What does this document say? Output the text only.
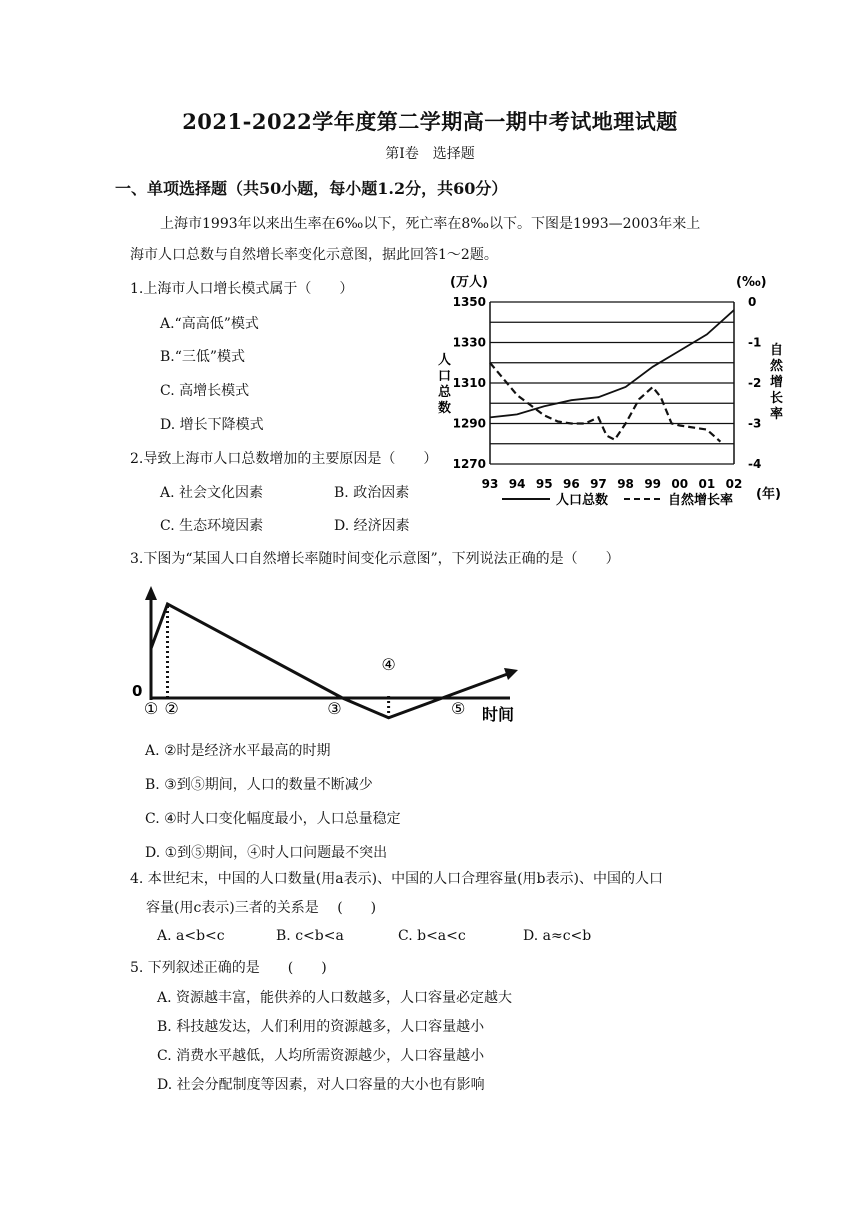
2021-2022学年度第二学期高一期中考试地理试题
第Ⅰ卷　选择题
一、单项选择题（共50小题，每小题1.2分，共60分）
上海市1993年以来出生率在6‰以下，死亡率在8‰以下。下图是1993—2003年来上
海市人口总数与自然增长率变化示意图，据此回答1～2题。
1.上海市人口增长模式属于（　　）
A.“高高低”模式
B.“三低”模式
C. 高增长模式
D. 增长下降模式
2.导致上海市人口总数增加的主要原因是（　　）
A. 社会文化因素	B. 政治因素
C. 生态环境因素	D. 经济因素
1350
1330
1310
1290
1270
0
-1
-2
-3
-4
93 94 95 96 97 98 99 00 01 02
(万人)	(‰)
(年)
人
口
总
数
自
然
增
长
率
人口总数	自然增长率
3.下图为“某国人口自然增长率随时间变化示意图”，下列说法正确的是（　　）
① ②	③
④
⑤
0
时间
A. ②时是经济水平最高的时期
B. ③到⑤期间，人口的数量不断减少
C. ④时人口变化幅度最小，人口总量稳定
D. ①到⑤期间，④时人口问题最不突出
4. 本世纪末，中国的人口数量(用a表示)、中国的人口合理容量(用b表示)、中国的人口
容量(用c表示)三者的关系是　 (　　)
A. a<b<c	B. c<b<a	C. b<a<c	D. a≈c<b
5. 下列叙述正确的是　　(　　)
A. 资源越丰富，能供养的人口数越多，人口容量必定越大
B. 科技越发达，人们利用的资源越多，人口容量越小
C. 消费水平越低，人均所需资源越少，人口容量越小
D. 社会分配制度等因素，对人口容量的大小也有影响
